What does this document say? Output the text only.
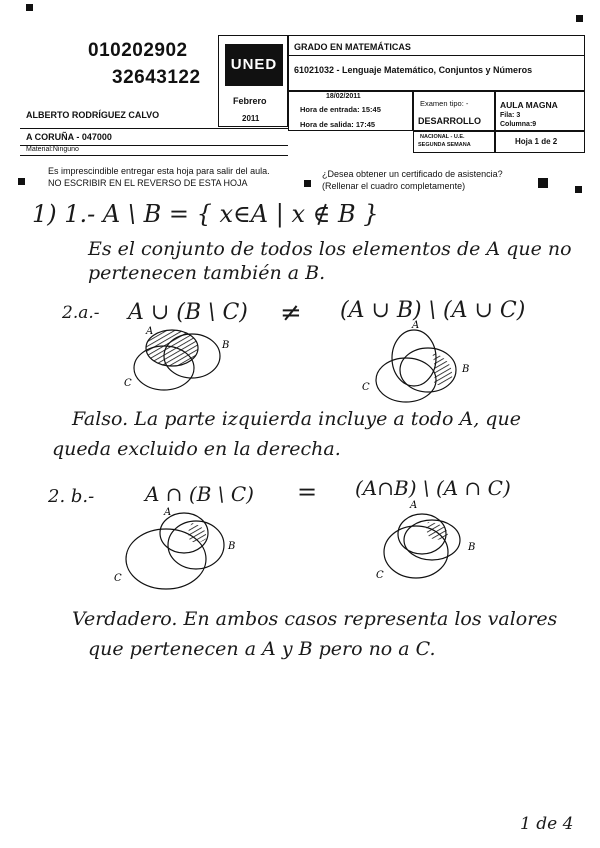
010202902
32643122
ALBERTO RODRÍGUEZ CALVO
A CORUÑA - 047000
Material:Ninguno
UNED
Febrero
2011
GRADO EN MATEMÁTICAS
61021032 - Lenguaje Matemático, Conjuntos y Números
18/02/2011
Hora de entrada: 15:45
Hora de salida: 17:45
Examen tipo: -
DESARROLLO
AULA MAGNA
Fila: 3
Columna:9
NACIONAL - U.E.
SEGUNDA SEMANA	Hoja 1 de 2
Es imprescindible entregar esta hoja para salir del aula.
NO ESCRIBIR EN EL REVERSO DE ESTA HOJA
¿Desea obtener un certificado de asistencia?
(Rellenar el cuadro completamente)
1) 1.- A \ B = { x∈A | x ∉ B }
Es el conjunto de todos los elementos de A que no
pertenecen también a B.
2.a.- A ∪ (B \ C) ≠ (A ∪ B) \ (A ∪ C)
A
B
C
A
B
C
Falso. La parte izquierda incluye a todo A, que
queda excluido en la derecha.
2. b.-	A ∩ (B \ C) = (A∩B) \ (A ∩ C)
A
B
C
A
B
C
Verdadero. En ambos casos representa los valores
que pertenecen a A y B pero no a C.
1 de 4
